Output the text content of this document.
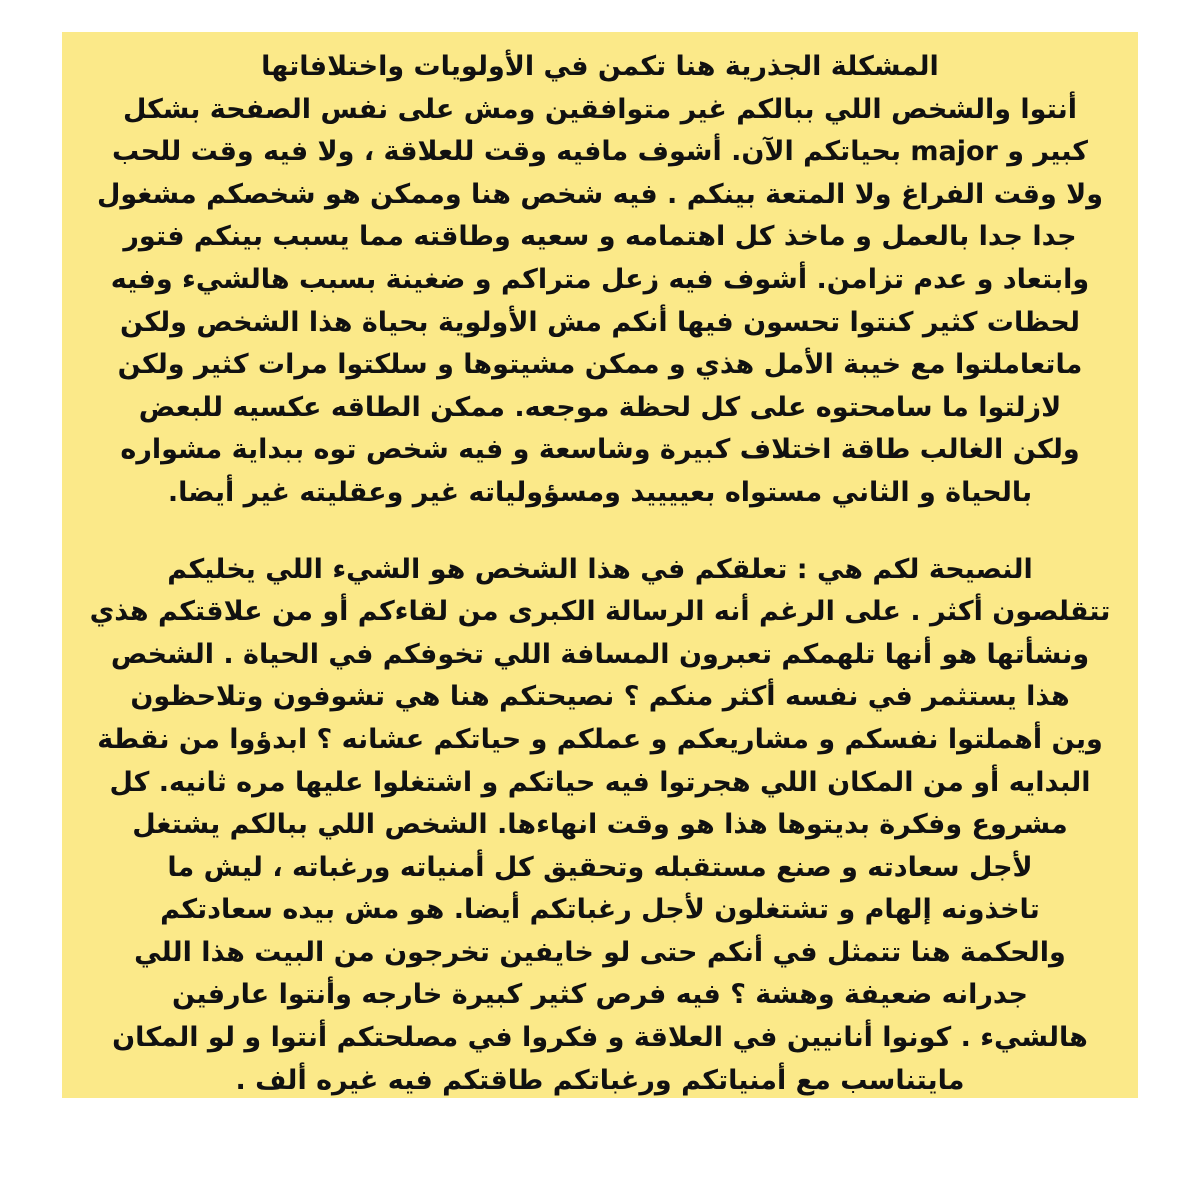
المشكلة الجذرية هنا تكمن في الأولويات واختلافاتها
أنتوا والشخص اللي ببالكم غير متوافقين ومش على نفس الصفحة بشكل
كبير و major بحياتكم الآن. أشوف مافيه وقت للعلاقة ، ولا فيه وقت للحب
ولا وقت الفراغ ولا المتعة بينكم . فيه شخص هنا وممكن هو شخصكم مشغول
جدا جدا بالعمل و ماخذ كل اهتمامه و سعيه وطاقته مما يسبب بينكم فتور
وابتعاد و عدم تزامن. أشوف فيه زعل متراكم و ضغينة بسبب هالشيء وفيه
لحظات كثير كنتوا تحسون فيها أنكم مش الأولوية بحياة هذا الشخص ولكن
ماتعاملتوا مع خيبة الأمل هذي و ممكن مشيتوها و سلكتوا مرات كثير ولكن
لازلتوا ما سامحتوه على كل لحظة موجعه. ممكن الطاقه عكسيه للبعض
ولكن الغالب طاقة اختلاف كبيرة وشاسعة و فيه شخص توه ببداية مشواره
بالحياة و الثاني مستواه بعييييد ومسؤولياته غير وعقليته غير أيضا.

النصيحة لكم هي : تعلقكم في هذا الشخص هو الشيء اللي يخليكم
تتقلصون أكثر . على الرغم أنه الرسالة الكبرى من لقاءكم أو من علاقتكم هذي
ونشأتها هو أنها تلهمكم تعبرون المسافة اللي تخوفكم في الحياة . الشخص
هذا يستثمر في نفسه أكثر منكم ؟ نصيحتكم هنا هي تشوفون وتلاحظون
وين أهملتوا نفسكم و مشاريعكم و عملكم و حياتكم عشانه ؟ ابدؤوا من نقطة
البدايه أو من المكان اللي هجرتوا فيه حياتكم و اشتغلوا عليها مره ثانيه. كل
مشروع وفكرة بديتوها هذا هو وقت انهاءها. الشخص اللي ببالكم يشتغل
لأجل سعادته و صنع مستقبله وتحقيق كل أمنياته ورغباته ، ليش ما
تاخذونه إلهام و تشتغلون لأجل رغباتكم أيضا. هو مش بيده سعادتكم
والحكمة هنا تتمثل في أنكم حتى لو خايفين تخرجون من البيت هذا اللي
جدرانه ضعيفة وهشة ؟ فيه فرص كثير كبيرة خارجه وأنتوا عارفين
هالشيء . كونوا أنانيين في العلاقة و فكروا في مصلحتكم أنتوا و لو المكان
مايتناسب مع أمنياتكم ورغباتكم طاقتكم فيه غيره ألف .
